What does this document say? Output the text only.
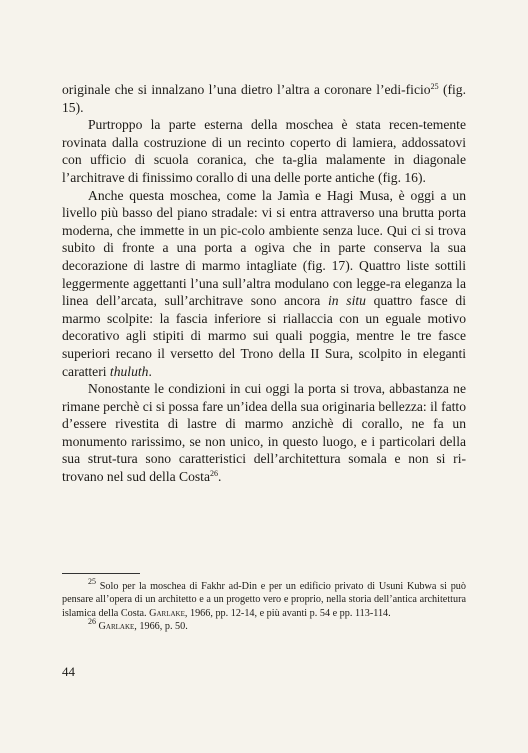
originale che si innalzano l’una dietro l’altra a coronare l’edi-ficio$^{25}$ (fig. 15).

Purtroppo la parte esterna della moschea è stata recen-temente rovinata dalla costruzione di un recinto coperto di lamiera, addossatovi con ufficio di scuola coranica, che ta-glia malamente in diagonale l’architrave di finissimo corallo di una delle porte antiche (fig. 16).

Anche questa moschea, come la Jamìa e Hagi Musa, è oggi a un livello più basso del piano stradale: vi si entra attraverso una brutta porta moderna, che immette in un pic-colo ambiente senza luce. Qui ci si trova subito di fronte a una porta a ogiva che in parte conserva la sua decorazione di lastre di marmo intagliate (fig. 17). Quattro liste sottili leggermente aggettanti l’una sull’altra modulano con legge-ra eleganza la linea dell’arcata, sull’architrave sono ancora in situ quattro fasce di marmo scolpite: la fascia inferiore si riallaccia con un eguale motivo decorativo agli stipiti di marmo sui quali poggia, mentre le tre fasce superiori recano il versetto del Trono della II Sura, scolpito in eleganti caratteri thuluth.

Nonostante le condizioni in cui oggi la porta si trova, abbastanza ne rimane perchè ci si possa fare un’idea della sua originaria bellezza: il fatto d’essere rivestita di lastre di marmo anzichè di corallo, ne fa un monumento rarissimo, se non unico, in questo luogo, e i particolari della sua strut-tura sono caratteristici dell’architettura somala e non si ri-trovano nel sud della Costa$^{26}$.

$^{25}$ Solo per la moschea di Fakhr ad-Din e per un edificio privato di Usuni Kubwa si può pensare all’opera di un architetto e a un progetto vero e proprio, nella storia dell’antica architettura islamica della Costa. Garlake, 1966, pp. 12-14, e più avanti p. 54 e pp. 113-114.

$^{26}$ Garlake, 1966, p. 50.

44
